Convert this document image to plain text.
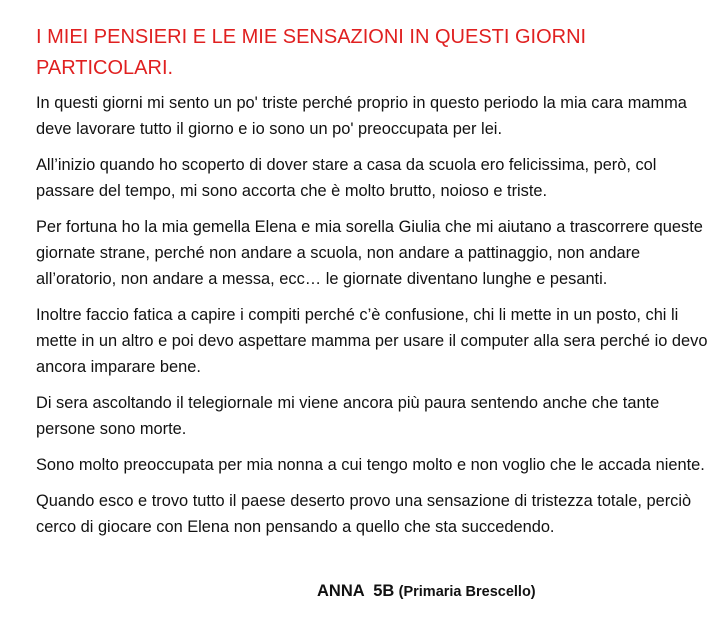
I MIEI PENSIERI E LE MIE SENSAZIONI IN QUESTI GIORNI PARTICOLARI.

In questi giorni mi sento un po' triste perché proprio in questo periodo la mia cara mamma deve lavorare tutto il giorno e io sono un po' preoccupata per lei.

All’inizio quando ho scoperto di dover stare a casa da scuola ero felicissima, però, col passare del tempo, mi sono accorta che è molto brutto, noioso e triste.

Per fortuna ho la mia gemella Elena e mia sorella Giulia che mi aiutano a trascorrere queste giornate strane, perché non andare a scuola, non andare a pattinaggio, non andare all’oratorio, non andare a messa, ecc… le giornate diventano lunghe e pesanti.

Inoltre faccio fatica a capire i compiti perché c’è confusione, chi li mette in un posto, chi li mette in un altro e poi devo aspettare mamma per usare il computer alla sera perché io devo ancora imparare bene.

Di sera ascoltando il telegiornale mi viene ancora più paura sentendo anche che tante persone sono morte.

Sono molto preoccupata per mia nonna a cui tengo molto e non voglio che le accada niente.

Quando esco e trovo tutto il paese deserto provo una sensazione di tristezza totale, perciò cerco di giocare con Elena non pensando a quello che sta succedendo.

ANNA  5B (Primaria Brescello)
